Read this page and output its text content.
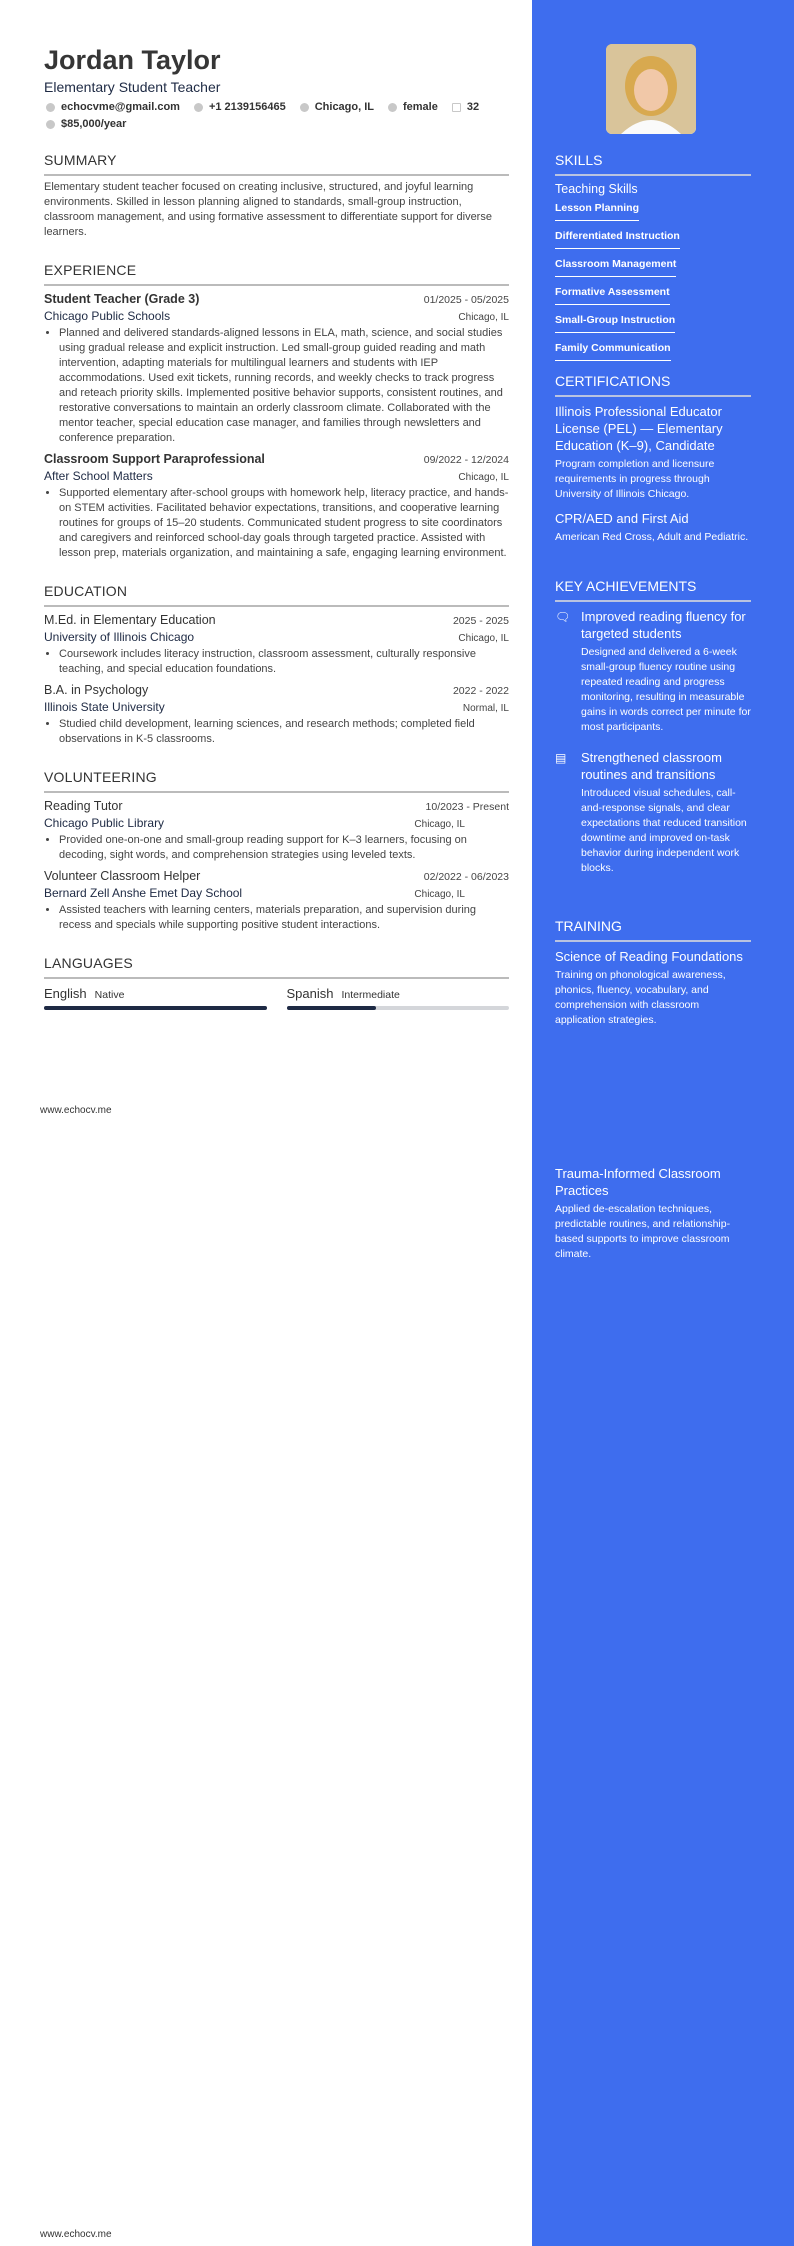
Jordan Taylor
Elementary Student Teacher
echocvme@gmail.com	+1 2139156465	Chicago, IL	female	32
$85,000/year
SUMMARY
Elementary student teacher focused on creating inclusive, structured, and joyful learning environments. Skilled in lesson planning aligned to standards, small-group instruction, classroom management, and using formative assessment to differentiate support for diverse learners.
EXPERIENCE
Student Teacher (Grade 3)	01/2025 - 05/2025
Chicago Public Schools	Chicago, IL
• Planned and delivered standards-aligned lessons in ELA, math, science, and social studies using gradual release and explicit instruction. Led small-group guided reading and math intervention, adapting materials for multilingual learners and students with IEP accommodations. Used exit tickets, running records, and weekly checks to track progress and reteach priority skills. Implemented positive behavior supports, consistent routines, and restorative conversations to maintain an orderly classroom climate. Collaborated with the mentor teacher, special education case manager, and families through newsletters and conference preparation.
Classroom Support Paraprofessional	09/2022 - 12/2024
After School Matters	Chicago, IL
• Supported elementary after-school groups with homework help, literacy practice, and hands-on STEM activities. Facilitated behavior expectations, transitions, and cooperative learning routines for groups of 15–20 students. Communicated student progress to site coordinators and caregivers and reinforced school-day goals through targeted practice. Assisted with lesson prep, materials organization, and maintaining a safe, engaging learning environment.
EDUCATION
M.Ed. in Elementary Education	2025 - 2025
University of Illinois Chicago	Chicago, IL
• Coursework includes literacy instruction, classroom assessment, culturally responsive teaching, and special education foundations.
B.A. in Psychology	2022 - 2022
Illinois State University	Normal, IL
• Studied child development, learning sciences, and research methods; completed field observations in K-5 classrooms.
VOLUNTEERING
Reading Tutor	10/2023 - Present
Chicago Public Library	Chicago, IL
• Provided one-on-one and small-group reading support for K–3 learners, focusing on decoding, sight words, and comprehension strategies using leveled texts.
Volunteer Classroom Helper	02/2022 - 06/2023
Bernard Zell Anshe Emet Day School	Chicago, IL
• Assisted teachers with learning centers, materials preparation, and supervision during recess and specials while supporting positive student interactions.
LANGUAGES
English Native	Spanish Intermediate
www.echocv.me
www.echocv.me
SKILLS
Teaching Skills
Lesson Planning
Differentiated Instruction
Classroom Management
Formative Assessment
Small-Group Instruction
Family Communication
CERTIFICATIONS
Illinois Professional Educator License (PEL) — Elementary Education (K–9), Candidate
Program completion and licensure requirements in progress through University of Illinois Chicago.
CPR/AED and First Aid
American Red Cross, Adult and Pediatric.
KEY ACHIEVEMENTS
🗨 Improved reading fluency for targeted students
Designed and delivered a 6-week small-group fluency routine using repeated reading and progress monitoring, resulting in measurable gains in words correct per minute for most participants.
▤ Strengthened classroom routines and transitions
Introduced visual schedules, call-and-response signals, and clear expectations that reduced transition downtime and improved on-task behavior during independent work blocks.
TRAINING
Science of Reading Foundations
Training on phonological awareness, phonics, fluency, vocabulary, and comprehension with classroom application strategies.
Trauma-Informed Classroom Practices
Applied de-escalation techniques, predictable routines, and relationship-based supports to improve classroom climate.
